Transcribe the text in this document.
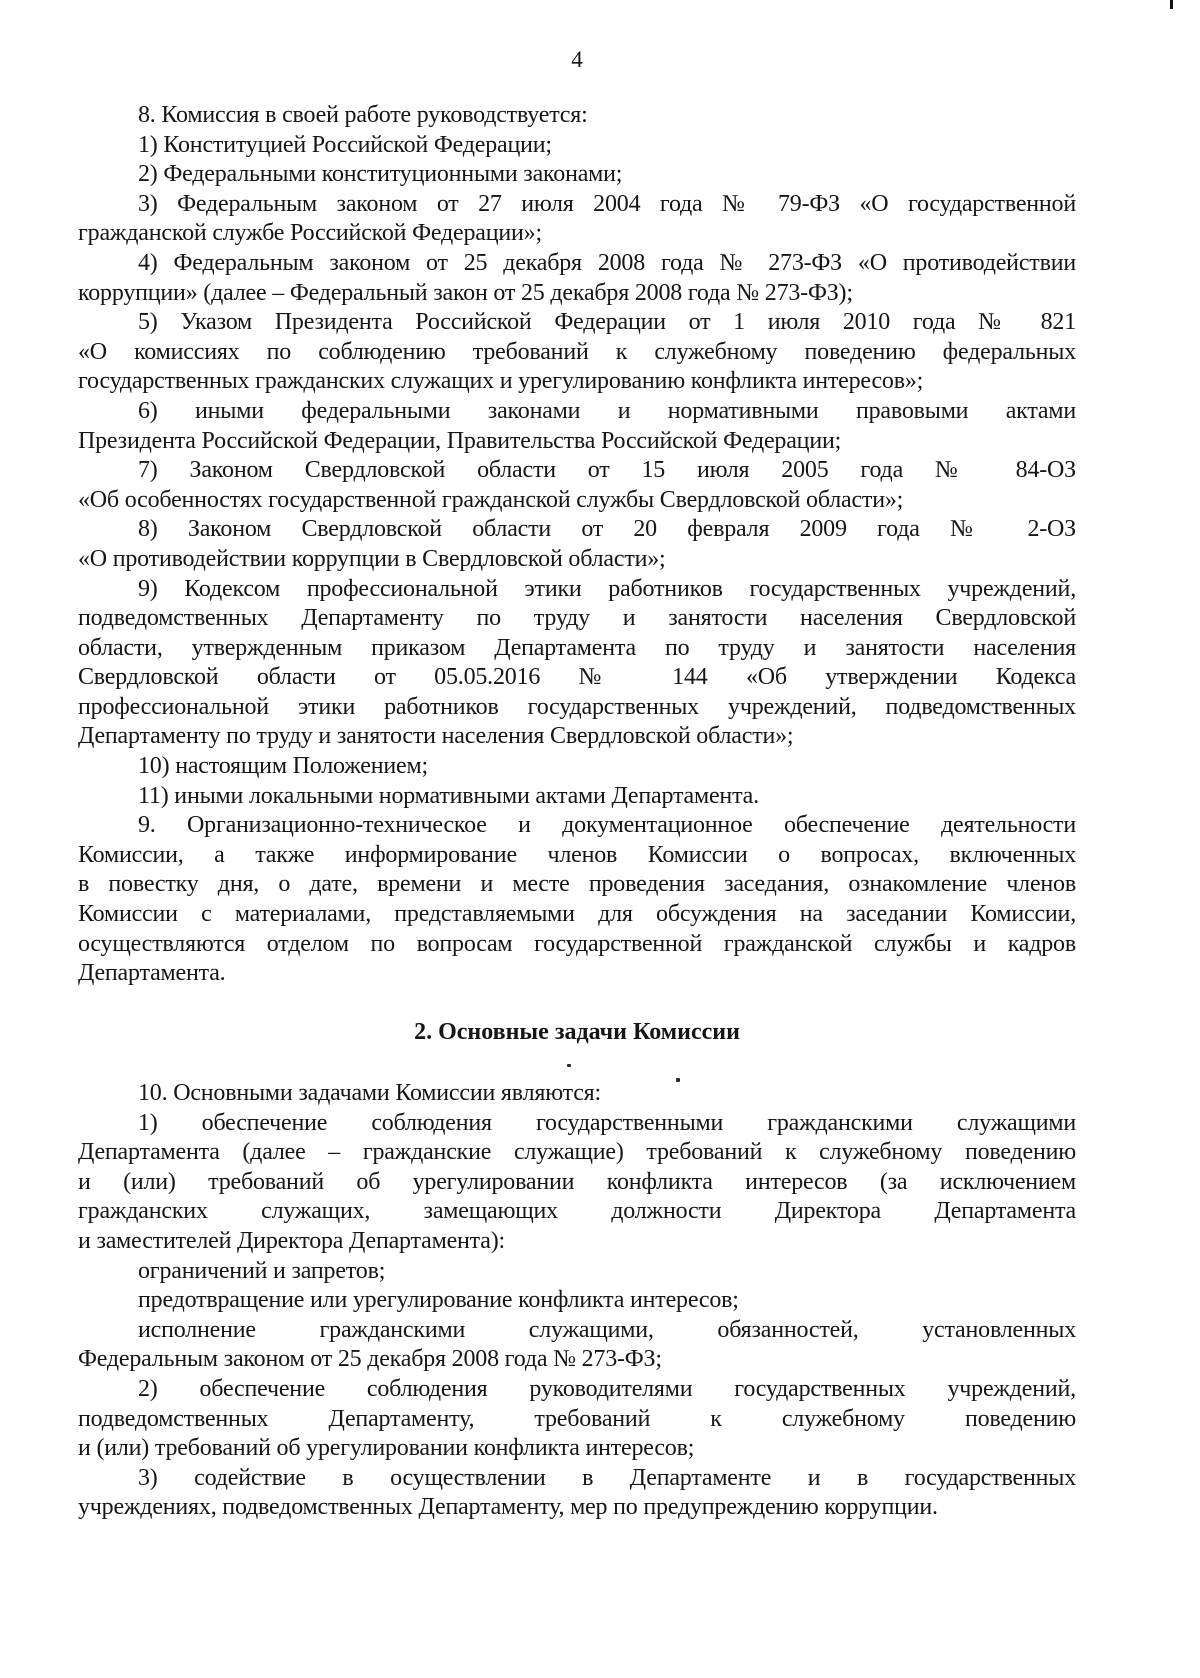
4
8. Комиссия в своей работе руководствуется:
1) Конституцией Российской Федерации;
2) Федеральными конституционными законами;
3) Федеральным законом от 27 июля 2004 года № 79-ФЗ «О государственной
гражданской службе Российской Федерации»;
4) Федеральным законом от 25 декабря 2008 года № 273-ФЗ «О противодействии
коррупции» (далее – Федеральный закон от 25 декабря 2008 года № 273-ФЗ);
5) Указом Президента Российской Федерации от 1 июля 2010 года № 821
«О комиссиях по соблюдению требований к служебному поведению федеральных
государственных гражданских служащих и урегулированию конфликта интересов»;
6) иными федеральными законами и нормативными правовыми актами
Президента Российской Федерации, Правительства Российской Федерации;
7) Законом Свердловской области от 15 июля 2005 года № 84-ОЗ
«Об особенностях государственной гражданской службы Свердловской области»;
8) Законом Свердловской области от 20 февраля 2009 года № 2-ОЗ
«О противодействии коррупции в Свердловской области»;
9) Кодексом профессиональной этики работников государственных учреждений,
подведомственных Департаменту по труду и занятости населения Свердловской
области, утвержденным приказом Департамента по труду и занятости населения
Свердловской области от 05.05.2016 № 144 «Об утверждении Кодекса
профессиональной этики работников государственных учреждений, подведомственных
Департаменту по труду и занятости населения Свердловской области»;
10) настоящим Положением;
11) иными локальными нормативными актами Департамента.
9. Организационно-техническое и документационное обеспечение деятельности
Комиссии, а также информирование членов Комиссии о вопросах, включенных
в повестку дня, о дате, времени и месте проведения заседания, ознакомление членов
Комиссии с материалами, представляемыми для обсуждения на заседании Комиссии,
осуществляются отделом по вопросам государственной гражданской службы и кадров
Департамента.
2. Основные задачи Комиссии
10. Основными задачами Комиссии являются:
1) обеспечение соблюдения государственными гражданскими служащими
Департамента (далее – гражданские служащие) требований к служебному поведению
и (или) требований об урегулировании конфликта интересов (за исключением
гражданских служащих, замещающих должности Директора Департамента
и заместителей Директора Департамента):
ограничений и запретов;
предотвращение или урегулирование конфликта интересов;
исполнение гражданскими служащими, обязанностей, установленных
Федеральным законом от 25 декабря 2008 года № 273-ФЗ;
2) обеспечение соблюдения руководителями государственных учреждений,
подведомственных Департаменту, требований к служебному поведению
и (или) требований об урегулировании конфликта интересов;
3) содействие в осуществлении в Департаменте и в государственных
учреждениях, подведомственных Департаменту, мер по предупреждению коррупции.
